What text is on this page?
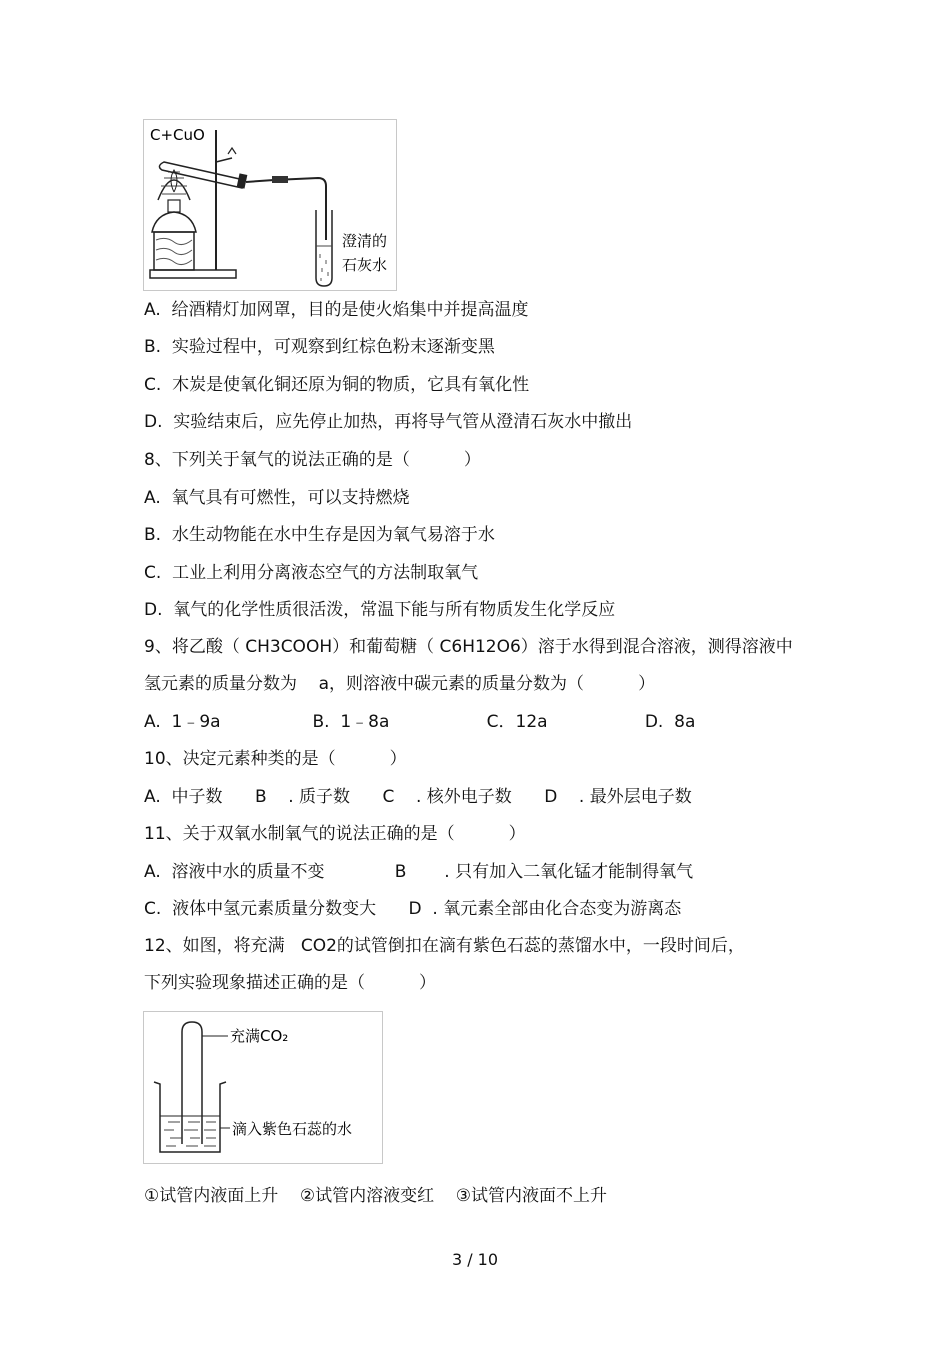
C+CuO
澄清的
石灰水
A.  给酒精灯加网罩，目的是使火焰集中并提高温度
B.  实验过程中，可观察到红棕色粉末逐渐变黑
C.  木炭是使氧化铜还原为铜的物质，它具有氧化性
D.  实验结束后，应先停止加热，再将导气管从澄清石灰水中撤出
8、下列关于氧气的说法正确的是（          ）
A.  氧气具有可燃性，可以支持燃烧
B.  水生动物能在水中生存是因为氧气易溶于水
C.  工业上利用分离液态空气的方法制取氧气
D.  氧气的化学性质很活泼，常温下能与所有物质发生化学反应
9、将乙酸（ CH3COOH）和葡萄糖（ C6H12O6）溶于水得到混合溶液，测得溶液中
氢元素的质量分数为    a，则溶液中碳元素的质量分数为（          ）
A.  1﹣9a                 B.  1﹣8a                  C．12a                  D.  8a
10、决定元素种类的是（          ）
A.  中子数      B    . 质子数      C    . 核外电子数      D    . 最外层电子数
11、关于双氧水制氧气的说法正确的是（          ）
A.  溶液中水的质量不变             B       . 只有加入二氧化锰才能制得氧气
C.  液体中氢元素质量分数变大      D  . 氧元素全部由化合态变为游离态
12、如图，将充满   CO2的试管倒扣在滴有紫色石蕊的蒸馏水中，一段时间后，
下列实验现象描述正确的是（          ）
充满CO₂
滴入紫色石蕊的水
①试管内液面上升    ②试管内溶液变红    ③试管内液面不上升
3 / 10
